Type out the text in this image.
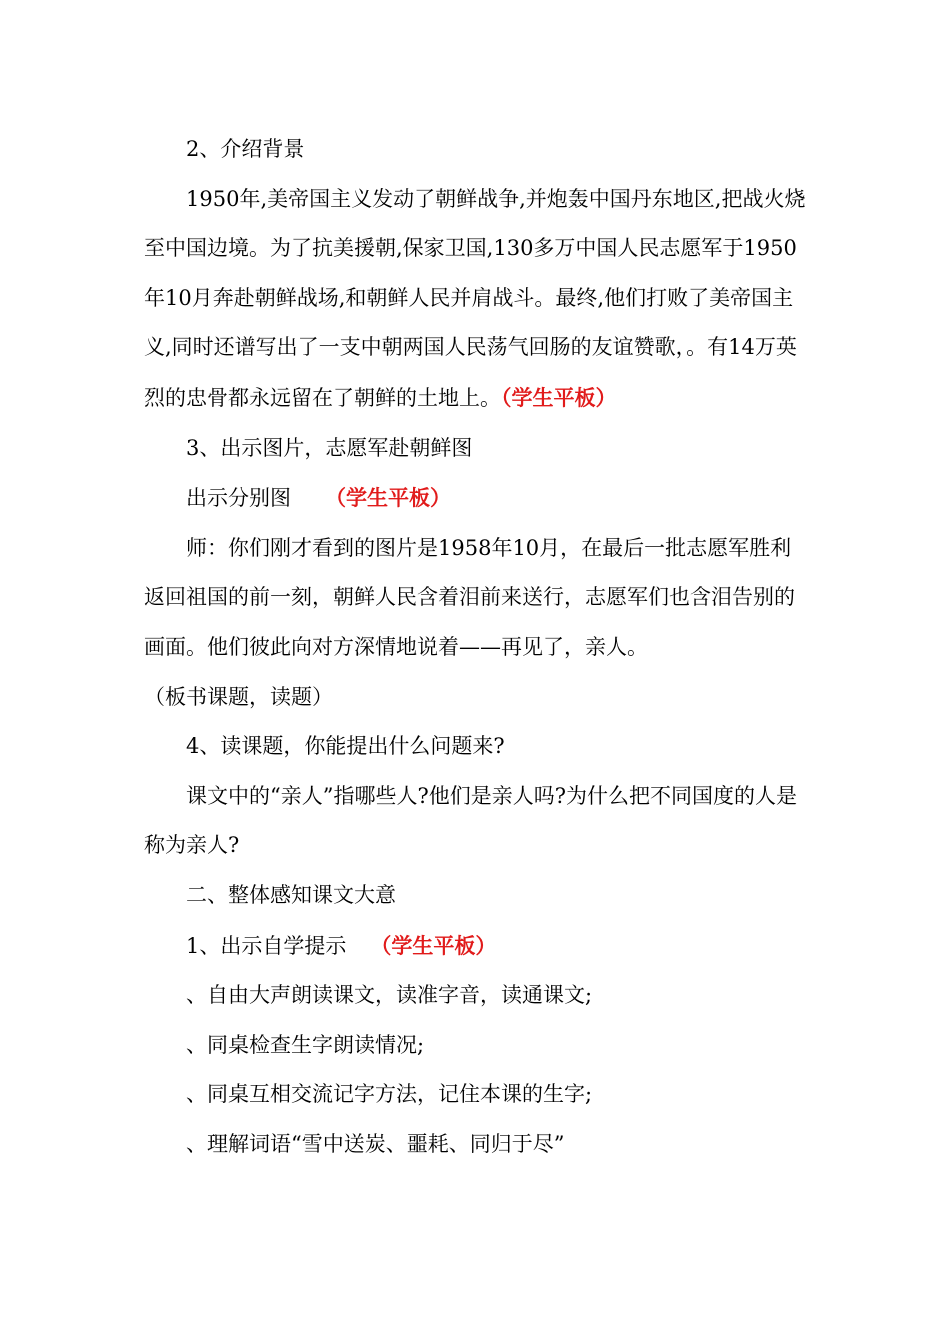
2、介绍背景

1950年,美帝国主义发动了朝鲜战争,并炮轰中国丹东地区,把战火烧至中国边境。为了抗美援朝,保家卫国,130多万中国人民志愿军于1950年10月奔赴朝鲜战场,和朝鲜人民并肩战斗。最终,他们打败了美帝国主义,同时还谱写出了一支中朝两国人民荡气回肠的友谊赞歌，。有14万英烈的忠骨都永远留在了朝鲜的土地上。（学生平板）

3、出示图片，志愿军赴朝鲜图

出示分别图 （学生平板）

师：你们刚才看到的图片是1958年10月，在最后一批志愿军胜利返回祖国的前一刻，朝鲜人民含着泪前来送行，志愿军们也含泪告别的画面。他们彼此向对方深情地说着——再见了，亲人。

（板书课题，读题）

4、读课题，你能提出什么问题来?

课文中的“亲人”指哪些人?他们是亲人吗?为什么把不同国度的人是称为亲人?

二、整体感知课文大意

1、出示自学提示 （学生平板）

、自由大声朗读课文，读准字音，读通课文;

、同桌检查生字朗读情况;

、同桌互相交流记字方法，记住本课的生字;

、理解词语“雪中送炭、噩耗、同归于尽”
